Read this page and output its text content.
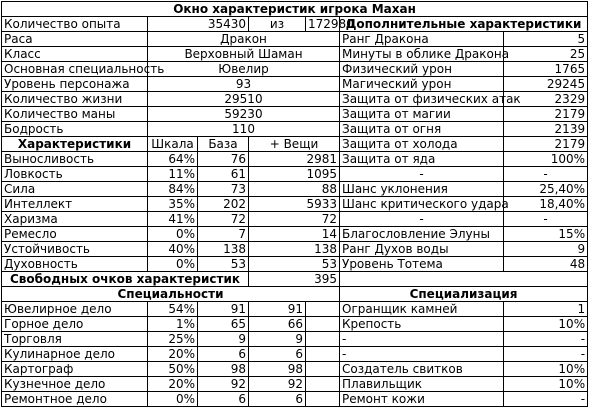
Окно характеристик игрока Махан						
Количество опыта	35430		из	172980	Дополнительные характеристики	
Раса	Дракон				Ранг Дракона	5
Класс	Верховный Шаман				Минуты в облике Дракона	25
Основная специальность	Ювелир				Физический урон	1765
Уровень персонажа	93				Магический урон	29245
Количество жизни	29510				Защита от физических атак	2329
Количество маны	59230				Защита от магии	2179
Бодрость	110				Защита от огня	2139
Характеристики	Шкала	База	+ Вещи		Защита от холода	2179
Выносливость	64%	76	2981		Защита от яда	100%
Ловкость	11%	61	1095		-	-
Сила	84%	73	88		Шанс уклонения	25,40%
Интеллект	35%	202	5933		Шанс критического удара	18,40%
Харизма	41%	72	72		-	-
Ремесло	0%	7	14		Благословление Элуны	15%
Устойчивость	40%	138	138		Ранг Духов воды	9
Духовность	0%	53	53		Уровень Тотема	48
Свободных очков характеристик			395			
Специальности					Специализация	
Ювелирное дело	54%	91	91		Огранщик камней	1
Горное дело	1%	65	66		Крепость	10%
Торговля	25%	9	9		-	-
Кулинарное дело	20%	6	6		-	-
Картограф	50%	98	98		Создатель свитков	10%
Кузнечное дело	20%	92	92		Плавильщик	10%
Ремонтное дело	0%	6	6		Ремонт кожи	-
